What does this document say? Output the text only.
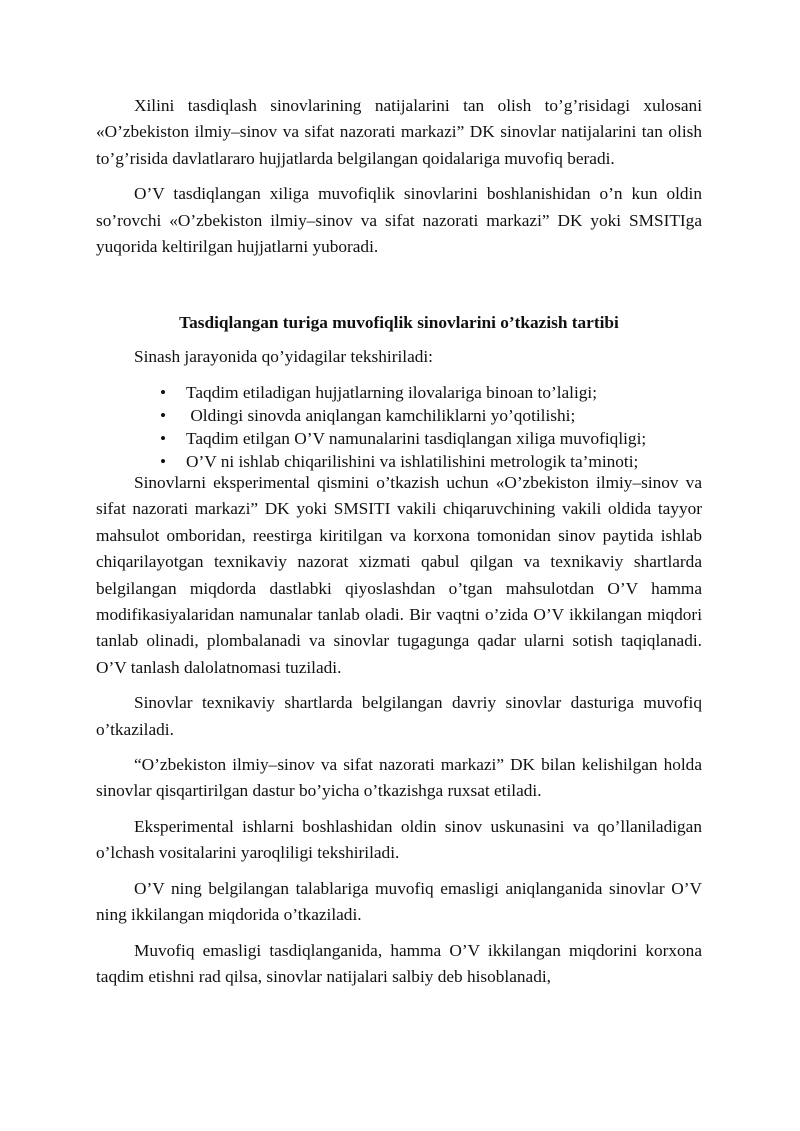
Xilini tasdiqlash sinovlarining natijalarini tan olish to’g’risidagi xulosani «O’zbekiston ilmiy–sinov va sifat nazorati markazi” DK sinovlar natijalarini tan olish to’g’risida davlatlararo hujjatlarda belgilangan qoidalariga muvofiq beradi.

O’V tasdiqlangan xiliga muvofiqlik sinovlarini boshlanishidan o’n kun oldin so’rovchi «O’zbekiston ilmiy–sinov va sifat nazorati markazi” DK yoki SMSITIga yuqorida keltirilgan hujjatlarni yuboradi.

Tasdiqlangan turiga muvofiqlik sinovlarini o’tkazish tartibi

Sinash jarayonida qo’yidagilar tekshiriladi:

• Taqdim etiladigan hujjatlarning ilovalariga binoan to’laligi;
• Oldingi sinovda aniqlangan kamchiliklarni yo’qotilishi;
• Taqdim etilgan O’V namunalarini tasdiqlangan xiliga muvofiqligi;
• O’V ni ishlab chiqarilishini va ishlatilishini metrologik ta’minoti;

Sinovlarni eksperimental qismini o’tkazish uchun «O’zbekiston ilmiy–sinov va sifat nazorati markazi” DK yoki SMSITI vakili chiqaruvchining vakili oldida tayyor mahsulot omboridan, reestirga kiritilgan va korxona tomonidan sinov paytida ishlab chiqarilayotgan texnikaviy nazorat xizmati qabul qilgan va texnikaviy shartlarda belgilangan miqdorda dastlabki qiyoslashdan o’tgan mahsulotdan O’V hamma modifikasiyalaridan namunalar tanlab oladi. Bir vaqtni o’zida O’V ikkilangan miqdori tanlab olinadi, plombalanadi va sinovlar tugagunga qadar ularni sotish taqiqlanadi. O’V tanlash dalolatnomasi tuziladi.

Sinovlar texnikaviy shartlarda belgilangan davriy sinovlar dasturiga muvofiq o’tkaziladi.

“O’zbekiston ilmiy–sinov va sifat nazorati markazi” DK bilan kelishilgan holda sinovlar qisqartirilgan dastur bo’yicha o’tkazishga ruxsat etiladi.

Eksperimental ishlarni boshlashidan oldin sinov uskunasini va qo’llaniladigan o’lchash vositalarini yaroqliligi tekshiriladi.

O’V ning belgilangan talablariga muvofiq emasligi aniqlanganida sinovlar O’V ning ikkilangan miqdorida o’tkaziladi.

Muvofiq emasligi tasdiqlanganida, hamma O’V ikkilangan miqdorini korxona taqdim etishni rad qilsa, sinovlar natijalari salbiy deb hisoblanadi,
